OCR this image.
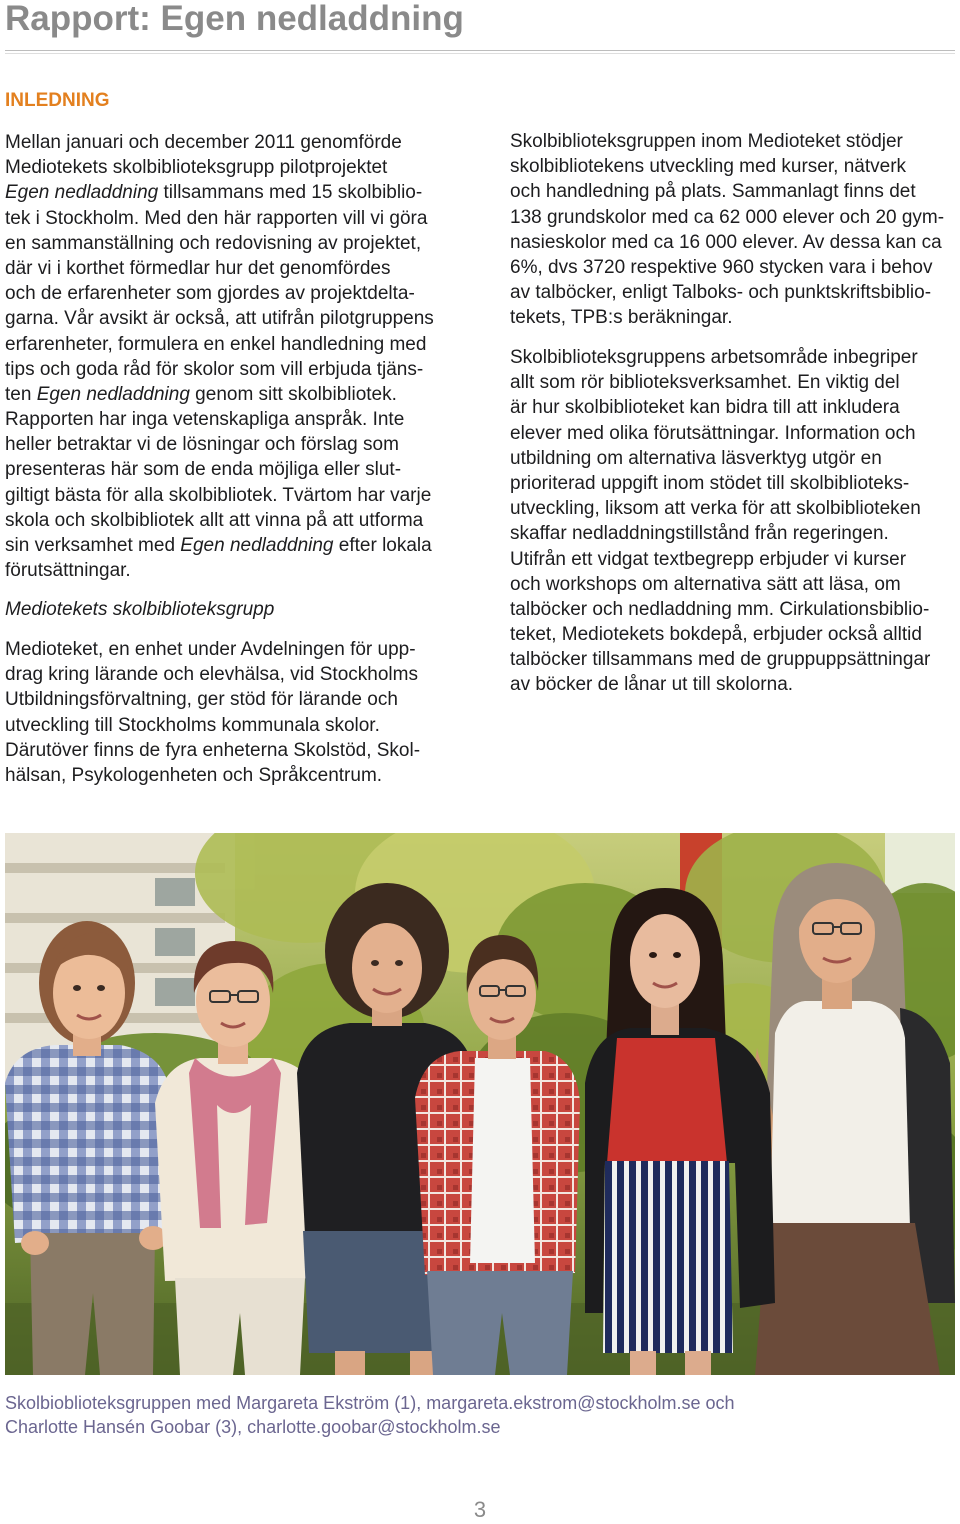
Rapport: Egen nedladdning
INLEDNING
Mellan januari och december 2011 genomförde
Mediotekets skolbiblioteksgrupp pilotprojektet
Egen nedladdning tillsammans med 15 skolbiblio-
tek i Stockholm. Med den här rapporten vill vi göra
en sammanställning och redovisning av projektet,
där vi i korthet förmedlar hur det genomfördes
och de erfarenheter som gjordes av projektdelta-
garna. Vår avsikt är också, att utifrån pilotgruppens
erfarenheter, formulera en enkel handledning med
tips och goda råd för skolor som vill erbjuda tjäns-
ten Egen nedladdning genom sitt skolbibliotek.
Rapporten har inga vetenskapliga anspråk. Inte
heller betraktar vi de lösningar och förslag som
presenteras här som de enda möjliga eller slut-
giltigt bästa för alla skolbibliotek. Tvärtom har varje
skola och skolbibliotek allt att vinna på att utforma
sin verksamhet med Egen nedladdning efter lokala
förutsättningar.
Mediotekets skolbiblioteksgrupp
Medioteket, en enhet under Avdelningen för upp-
drag kring lärande och elevhälsa, vid Stockholms
Utbildningsförvaltning, ger stöd för lärande och
utveckling till Stockholms kommunala skolor.
Därutöver finns de fyra enheterna Skolstöd, Skol-
hälsan, Psykologenheten och Språkcentrum.
Skolbiblioteksgruppen inom Medioteket stödjer
skolbibliotekens utveckling med kurser, nätverk
och handledning på plats. Sammanlagt finns det
138 grundskolor med ca 62 000 elever och 20 gym-
nasieskolor med ca 16 000 elever. Av dessa kan ca
6%, dvs 3720 respektive 960 stycken vara i behov
av talböcker, enligt Talboks- och punktskriftsbiblio-
tekets, TPB:s beräkningar.
Skolbiblioteksgruppens arbetsområde inbegriper
allt som rör biblioteksverksamhet. En viktig del
är hur skolbiblioteket kan bidra till att inkludera
elever med olika förutsättningar. Information och
utbildning om alternativa läsverktyg utgör en
prioriterad uppgift inom stödet till skolbiblioteks-
utveckling, liksom att verka för att skolbiblioteken
skaffar nedladdningstillstånd från regeringen.
Utifrån ett vidgat textbegrepp erbjuder vi kurser
och workshops om alternativa sätt att läsa, om
talböcker och nedladdning mm. Cirkulationsbiblio-
teket, Mediotekets bokdepå, erbjuder också alltid
talböcker tillsammans med de gruppuppsättningar
av böcker de lånar ut till skolorna.
Skolbioblioteksgruppen med Margareta Ekström (1), margareta.ekstrom@stockholm.se och
Charlotte Hansén Goobar (3), charlotte.goobar@stockholm.se
3
